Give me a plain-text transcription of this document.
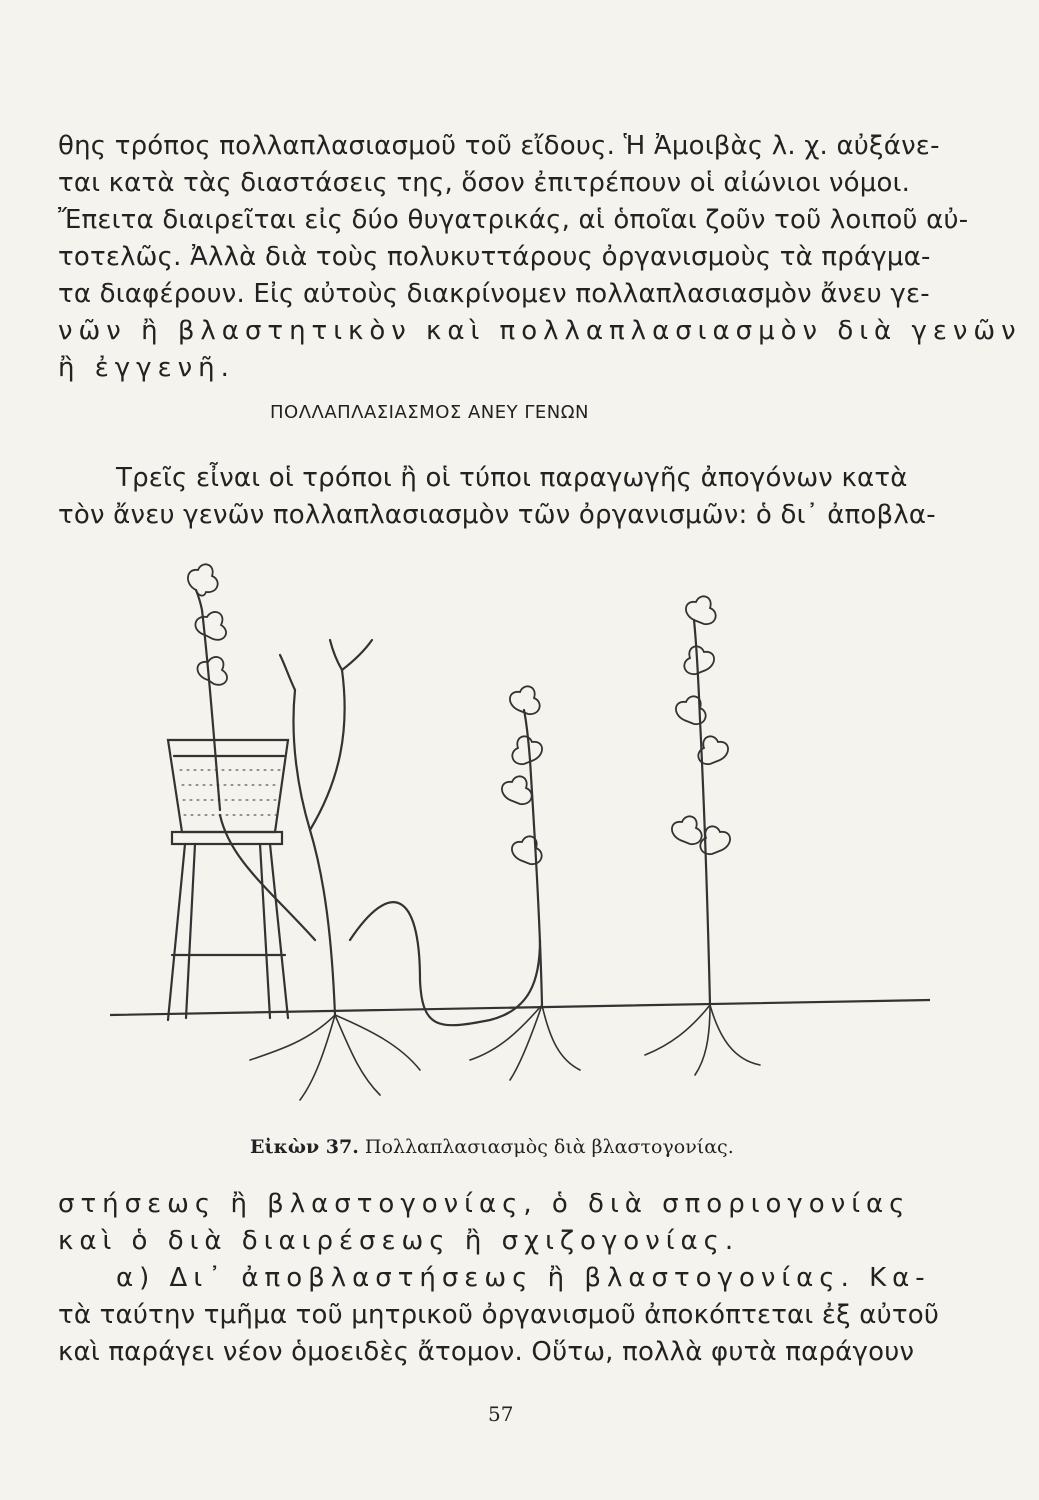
θης τρόπος πολλαπλασιασμοῦ τοῦ εἴδους. Ἡ Ἀμοιβὰς λ. χ. αὐξάνε-
ται κατὰ τὰς διαστάσεις της, ὅσον ἐπιτρέπουν οἱ αἰώνιοι νόμοι.
Ἔπειτα διαιρεῖται εἰς δύο θυγατρικάς, αἱ ὁποῖαι ζοῦν τοῦ λοιποῦ αὐ-
τοτελῶς. Ἀλλὰ διὰ τοὺς πολυκυττάρους ὀργανισμοὺς τὰ πράγμα-
τα διαφέρουν. Εἰς αὐτοὺς διακρίνομεν πολλαπλασιασμὸν ἄνευ γε-
νῶν ἢ βλαστητικὸν καὶ πολλαπλασιασμὸν διὰ γενῶν
ἢ ἐγγενῆ.
ΠΟΛΛΑΠΛΑΣΙΑΣΜΟΣ ΑΝΕΥ ΓΕΝΩΝ
Τρεῖς εἶναι οἱ τρόποι ἢ οἱ τύποι παραγωγῆς ἀπογόνων κατὰ
τὸν ἄνευ γενῶν πολλαπλασιασμὸν τῶν ὀργανισμῶν: ὁ δι᾽ ἀποβλα-
Εἰκὼν 37. Πολλαπλασιασμὸς διὰ βλαστογονίας.
στήσεως ἢ βλαστογονίας, ὁ διὰ σποριογονίας
καὶ ὁ διὰ διαιρέσεως ἢ σχιζογονίας.
α) Δι᾽ ἀποβλαστήσεως ἢ βλαστογονίας. Κα-
τὰ ταύτην τμῆμα τοῦ μητρικοῦ ὀργανισμοῦ ἀποκόπτεται ἐξ αὐτοῦ
καὶ παράγει νέον ὁμοειδὲς ἄτομον. Οὕτω, πολλὰ φυτὰ παράγουν
57
